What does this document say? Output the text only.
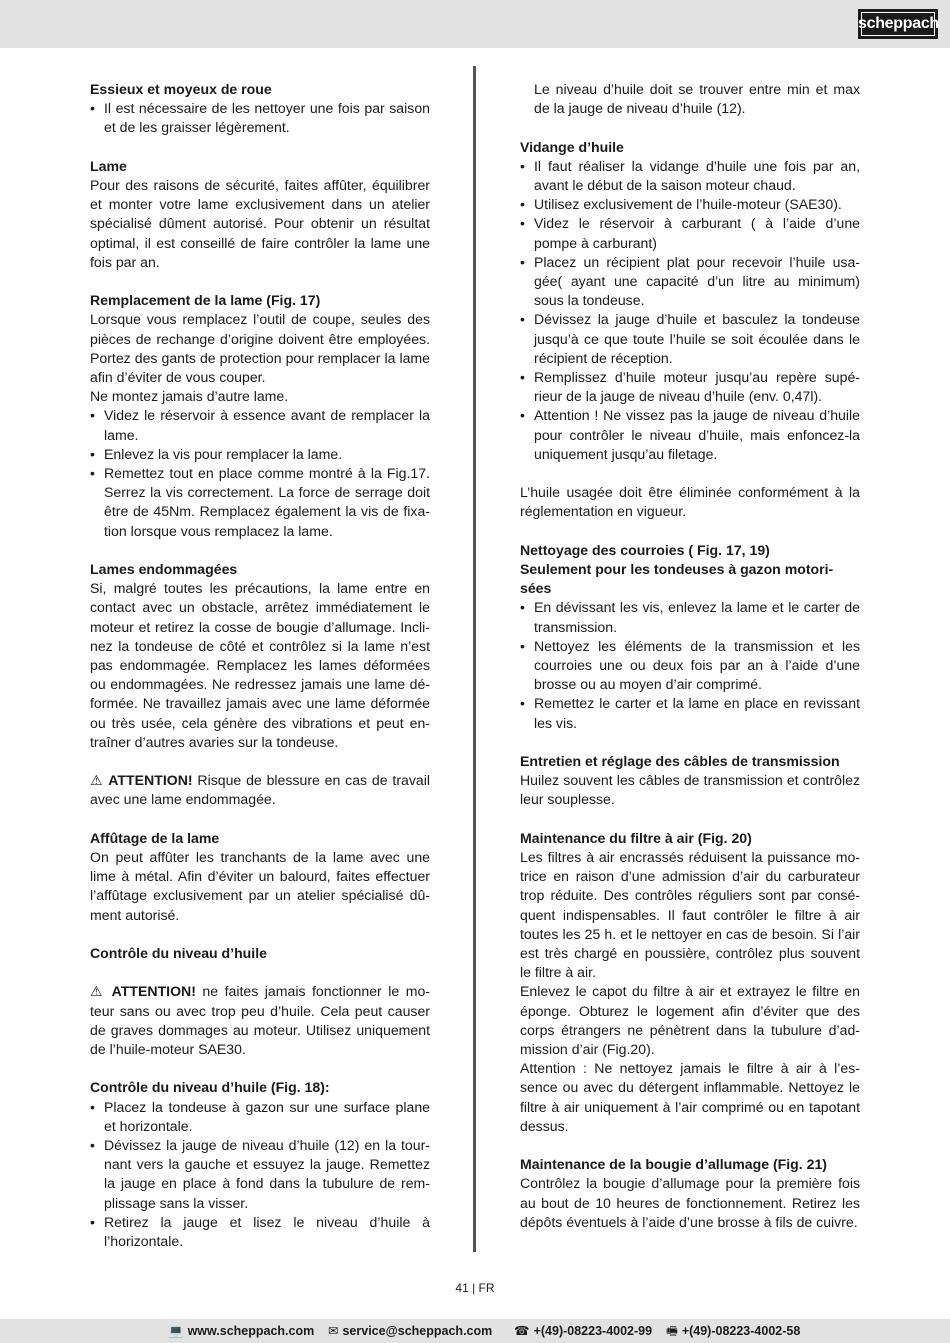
scheppach
Essieux et moyeux de roue
• Il est nécessaire de les nettoyer une fois par saison et de les graisser légèrement.
Lame

Pour des raisons de sécurité, faites affûter, équilibrer et monter votre lame exclusivement dans un atelier spécialisé dûment autorisé. Pour obtenir un résultat optimal, il est conseillé de faire contrôler la lame une fois par an.

Remplacement de la lame (Fig. 17)

Lorsque vous remplacez l’outil de coupe, seules des pièces de rechange d’origine doivent être employées. Portez des gants de protection pour remplacer la lame afin d’éviter de vous couper.

Ne montez jamais d’autre lame.

• Videz le réservoir à essence avant de remplacer la lame.
• Enlevez la vis pour remplacer la lame.
• Remettez tout en place comme montré à la Fig.17. Serrez la vis correctement. La force de serrage doit être de 45Nm. Remplacez également la vis de fixa-tion lorsque vous remplacez la lame.
Lames endommagées

Si, malgré toutes les précautions, la lame entre en contact avec un obstacle, arrêtez immédiatement le moteur et retirez la cosse de bougie d’allumage. Incli-nez la tondeuse de côté et contrôlez si la lame n’est pas endommagée. Remplacez les lames déformées ou endommagées. Ne redressez jamais une lame dé-formée. Ne travaillez jamais avec une lame déformée ou très usée, cela génère des vibrations et peut en-traîner d’autres avaries sur la tondeuse.

⚠ ATTENTION! Risque de blessure en cas de travail avec une lame endommagée.

Affûtage de la lame

On peut affûter les tranchants de la lame avec une lime à métal. Afin d’éviter un balourd, faites effectuer l’affûtage exclusivement par un atelier spécialisé dû-ment autorisé.

Contrôle du niveau d’huile

⚠ ATTENTION! ne faites jamais fonctionner le mo-teur sans ou avec trop peu d’huile. Cela peut causer de graves dommages au moteur. Utilisez uniquement de l’huile-moteur SAE30.

Contrôle du niveau d’huile (Fig. 18):
• Placez la tondeuse à gazon sur une surface plane et horizontale.
• Dévissez la jauge de niveau d’huile (12) en la tour-nant vers la gauche et essuyez la jauge. Remettez la jauge en place à fond dans la tubulure de rem-plissage sans la visser.
• Retirez la jauge et lisez le niveau d’huile à l’horizontale.

Le niveau d’huile doit se trouver entre min et max de la jauge de niveau d’huile (12).

Vidange d’huile
• Il faut réaliser la vidange d’huile une fois par an, avant le début de la saison moteur chaud.
• Utilisez exclusivement de l’huile-moteur (SAE30).
• Videz le réservoir à carburant ( à l’aide d’une pompe à carburant)
• Placez un récipient plat pour recevoir l’huile usa-gée( ayant une capacité d’un litre au minimum) sous la tondeuse.
• Dévissez la jauge d’huile et basculez la tondeuse jusqu’à ce que toute l’huile se soit écoulée dans le récipient de réception.
• Remplissez d’huile moteur jusqu’au repère supé-rieur de la jauge de niveau d’huile (env. 0,47l).
• Attention ! Ne vissez pas la jauge de niveau d’huile pour contrôler le niveau d’huile, mais enfoncez-la uniquement jusqu’au filetage.

L’huile usagée doit être éliminée conformément à la réglementation en vigueur.

Nettoyage des courroies ( Fig. 17, 19)
Seulement pour les tondeuses à gazon motori-sées
• En dévissant les vis, enlevez la lame et le carter de transmission.
• Nettoyez les éléments de la transmission et les courroies une ou deux fois par an à l’aide d’une brosse ou au moyen d’air comprimé.
• Remettez le carter et la lame en place en revissant les vis.
Entretien et réglage des câbles de transmission

Huilez souvent les câbles de transmission et contrôlez leur souplesse.

Maintenance du filtre à air (Fig. 20)

Les filtres à air encrassés réduisent la puissance mo-trice en raison d’une admission d’air du carburateur trop réduite. Des contrôles réguliers sont par consé-quent indispensables. Il faut contrôler le filtre à air toutes les 25 h. et le nettoyer en cas de besoin. Si l’air est très chargé en poussière, contrôlez plus souvent le filtre à air.

Enlevez le capot du filtre à air et extrayez le filtre en éponge. Obturez le logement afin d’éviter que des corps étrangers ne pénètrent dans la tubulure d’ad-mission d’air (Fig.20).

Attention : Ne nettoyez jamais le filtre à air à l’es-sence ou avec du détergent inflammable. Nettoyez le filtre à air uniquement à l’air comprimé ou en tapotant dessus.

Maintenance de la bougie d’allumage (Fig. 21)

Contrôlez la bougie d’allumage pour la première fois au bout de 10 heures de fonctionnement. Retirez les dépôts éventuels à l’aide d’une brosse à fils de cuivre.

41 | FR
💻 www.scheppach.com ✉ service@scheppach.com ☎ +(49)-08223-4002-99 🖷 +(49)-08223-4002-58
